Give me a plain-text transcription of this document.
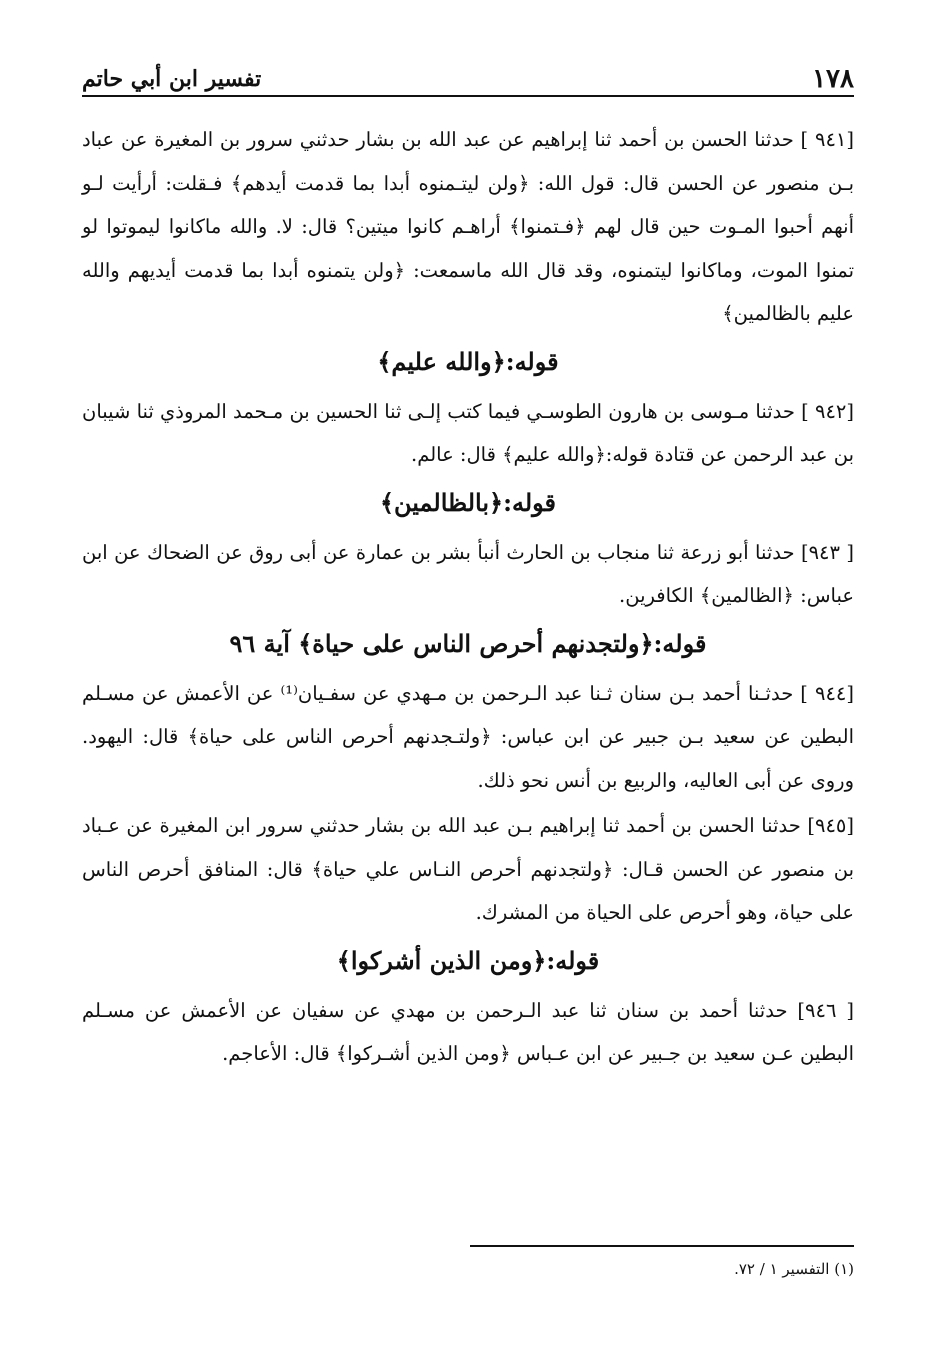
١٧٨
تفسير ابن أبي حاتم

[٩٤١ ] حدثنا الحسن بن أحمد ثنا إبراهيم عن عبد الله بن بشار حدثني سرور بن المغيرة عن عباد بـن منصور عن الحسن قال: قول الله: ﴿ولن ليتـمنوه أبدا بما قدمت أيدهم﴾ فـقلت: أرأيت لـو أنهم أحبوا المـوت حين قال لهم ﴿فـتمنوا﴾ أراهـم كانوا ميتين؟ قال: لا. والله ماكانوا ليموتوا لو تمنوا الموت، وماكانوا ليتمنوه، وقد قال الله ماسمعت: ﴿ولن يتمنوه أبدا بما قدمت أيديهم والله عليم بالظالمين﴾

قوله:﴿والله عليم﴾

[٩٤٢ ] حدثنا مـوسى بن هارون الطوسـي فيما كتب إلـى ثنا الحسين بن مـحمد المروذي ثنا شيبان بن عبد الرحمن عن قتادة قوله:﴿والله عليم﴾ قال: عالم.

قوله:﴿بالظالمين﴾

[ ٩٤٣] حدثنا أبو زرعة ثنا منجاب بن الحارث أنبأ بشر بن عمارة عن أبى روق عن الضحاك عن ابن عباس: ﴿الظالمين﴾ الكافرين.

قوله:﴿ولتجدنهم أحرص الناس على حياة﴾ آية ٩٦

[٩٤٤ ] حدثـنا أحمد بـن سنان ثـنا عبد الـرحمن بن مـهدي عن سفـيان⁽¹⁾ عن الأعمش عن مسـلم البطين عن سعيد بـن جبير عن ابن عباس: ﴿ولتـجدنهم أحرص الناس على حياة﴾ قال: اليهود. وروى عن أبى العاليه، والربيع بن أنس نحو ذلك.

[٩٤٥] حدثنا الحسن بن أحمد ثنا إبراهيم بـن عبد الله بن بشار حدثني سرور ابن المغيرة عن عـباد بن منصور عن الحسن قـال: ﴿ولتجدنهم أحرص النـاس علي حياة﴾ قال: المنافق أحرص الناس على حياة، وهو أحرص على الحياة من المشرك.

قوله:﴿ومن الذين أشركوا﴾

[ ٩٤٦] حدثنا أحمد بن سنان ثنا عبد الـرحمن بن مهدي عن سفيان عن الأعمش عن مسـلم البطين عـن سعيد بن جـبير عن ابن عـباس ﴿ومن الذين أشـركوا﴾ قال: الأعاجم.

(١) التفسير ١ / ٧٢.
